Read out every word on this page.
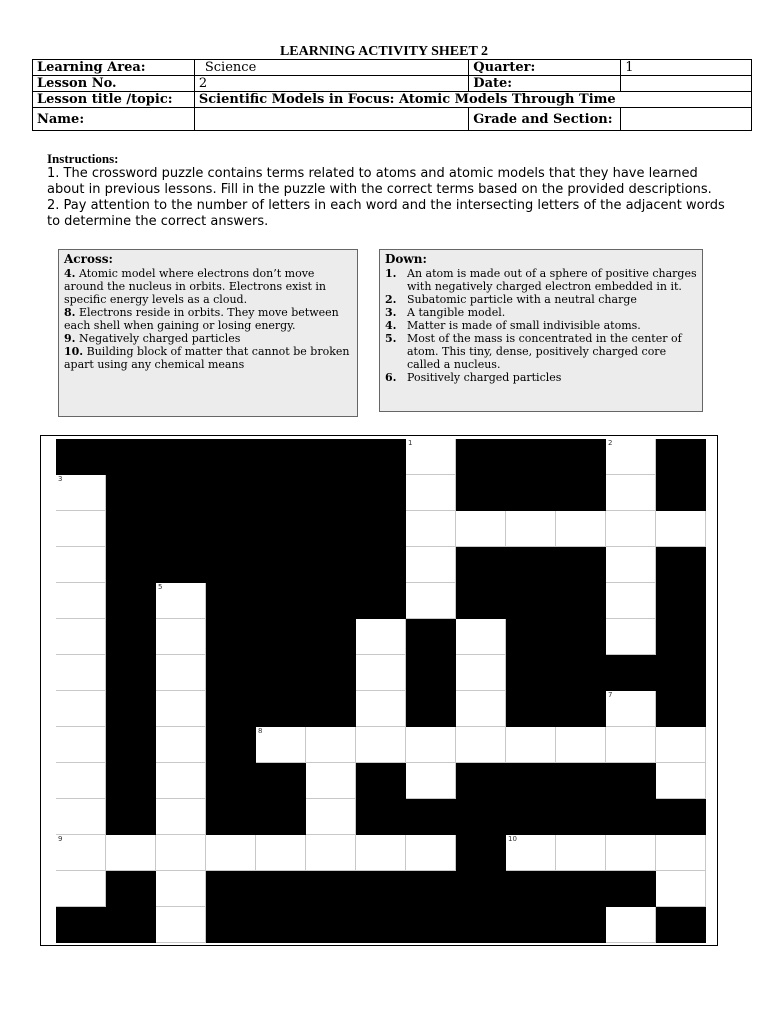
LEARNING ACTIVITY SHEET 2
Learning Area:	Science	Quarter:	1
Lesson No.	2	Date:	
Lesson title /topic:	Scientific Models in Focus: Atomic Models Through Time		
Name:		Grade and Section:	
Instructions:

1. The crossword puzzle contains terms related to atoms and atomic models that they have learned about in previous lessons. Fill in the puzzle with the correct terms based on the provided descriptions.

2. Pay attention to the number of letters in each word and the intersecting letters of the adjacent words to determine the correct answers.

Across:

4. Atomic model where electrons don’t move around the nucleus in orbits. Electrons exist in specific energy levels as a cloud.

8. Electrons reside in orbits. They move between each shell when gaining or losing energy.

9. Negatively charged particles

10. Building block of matter that cannot be broken apart using any chemical means

Down:
1. An atom is made out of a sphere of positive charges with negatively charged electron embedded in it.
2. Subatomic particle with a neutral charge
3. A tangible model.
4. Matter is made of small indivisible atoms.
5. Most of the mass is concentrated in the center of atom. This tiny, dense, positively charged core called a nucleus.
6. Positively charged particles
1	2
3
5
7
8
9	10
